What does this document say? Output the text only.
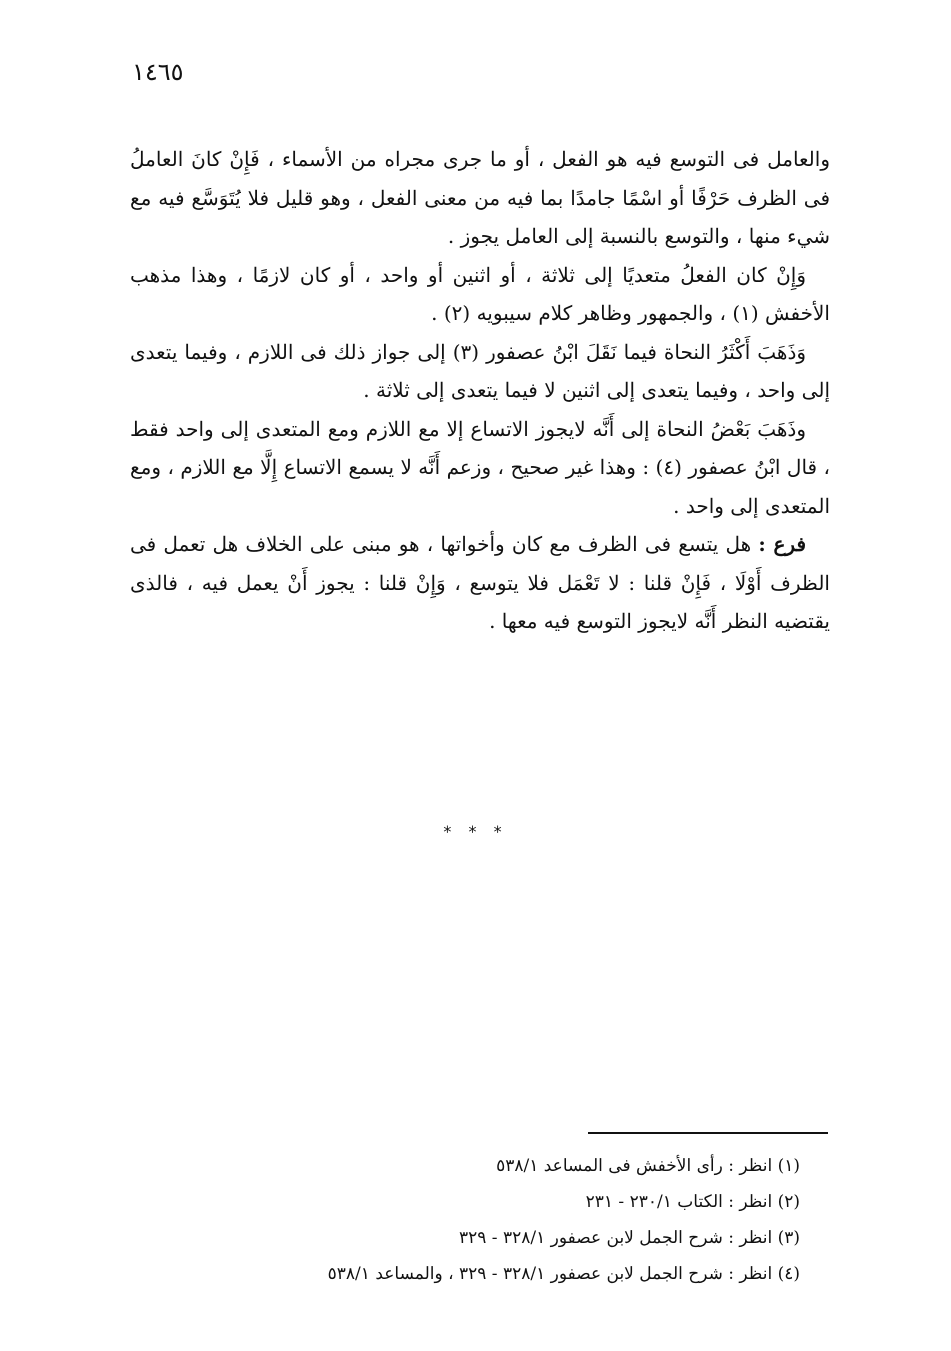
١٤٦٥

والعامل فى التوسع فيه هو الفعل ، أو ما جرى مجراه من الأسماء ، فَإِنْ كانَ العاملُ فى الظرف حَرْفًا أو اسْمًا جامدًا بما فيه من معنى الفعل ، وهو قليل فلا يُتَوَسَّع فيه مع شيء منها ، والتوسع بالنسبة إلى العامل يجوز .

وَإِنْ كان الفعلُ متعديًا إلى ثلاثة ، أو اثنين أو واحد ، أو كان لازمًا ، وهذا مذهب الأخفش (١) ، والجمهور وظاهر كلام سيبويه (٢) .

وَذَهَبَ أَكْثَرُ النحاة فيما نَقَلَ ابْنُ عصفور (٣) إلى جواز ذلك فى اللازم ، وفيما يتعدى إلى واحد ، وفيما يتعدى إلى اثنين لا فيما يتعدى إلى ثلاثة .

وذَهَبَ بَعْضُ النحاة إلى أَنَّه لايجوز الاتساع إلا مع اللازم ومع المتعدى إلى واحد فقط ، قال ابْنُ عصفور (٤) : وهذا غير صحيح ، وزعم أَنَّه لا يسمع الاتساع إِلَّا مع اللازم ، ومع المتعدى إلى واحد .

فرع : هل يتسع فى الظرف مع كان وأخواتها ، هو مبنى على الخلاف هل تعمل فى الظرف أَوْلَا ، فَإِنْ قلنا : لا تَعْمَل فلا يتوسع ، وَإِنْ قلنا : يجوز أَنْ يعمل فيه ، فالذى يقتضيه النظر أَنَّه لايجوز التوسع فيه معها .

* * *
(١) انظر : رأى الأخفش فى المساعد ٥٣٨/١
(٢) انظر : الكتاب ٢٣٠/١ - ٢٣١
(٣) انظر : شرح الجمل لابن عصفور ٣٢٨/١ - ٣٢٩
(٤) انظر : شرح الجمل لابن عصفور ٣٢٨/١ - ٣٢٩ ، والمساعد ٥٣٨/١
